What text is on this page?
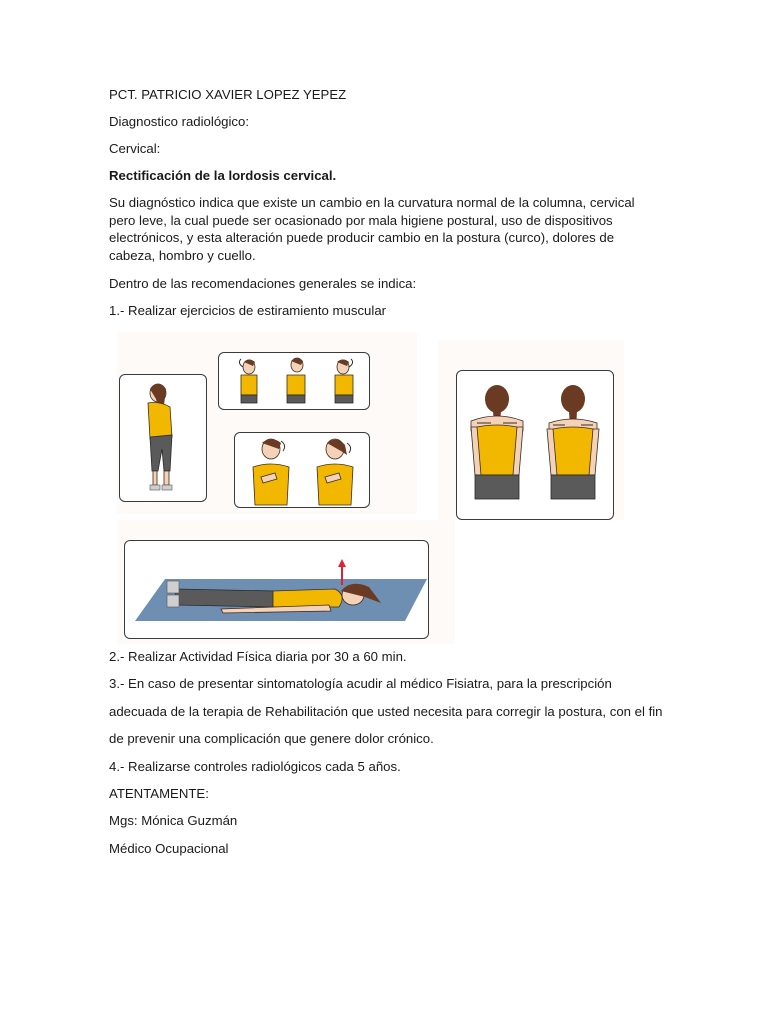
PCT. PATRICIO XAVIER LOPEZ YEPEZ
Diagnostico radiológico:
Cervical:
Rectificación de la lordosis cervical.
Su diagnóstico indica que existe un cambio en la curvatura normal de la columna, cervical pero leve, la cual puede ser ocasionado por mala higiene postural, uso de dispositivos electrónicos, y esta alteración puede producir cambio en la postura (curco), dolores de cabeza, hombro y cuello.
Dentro de las recomendaciones generales se indica:
1.- Realizar ejercicios de estiramiento muscular
2.- Realizar Actividad Física diaria por 30 a 60 min.
3.- En caso de presentar sintomatología acudir al médico Fisiatra, para la prescripción
adecuada de la terapia de Rehabilitación que usted necesita para corregir la postura, con el fin
de prevenir una complicación que genere dolor crónico.
4.- Realizarse controles radiológicos cada 5 años.
ATENTAMENTE:
Mgs: Mónica Guzmán
Médico Ocupacional
